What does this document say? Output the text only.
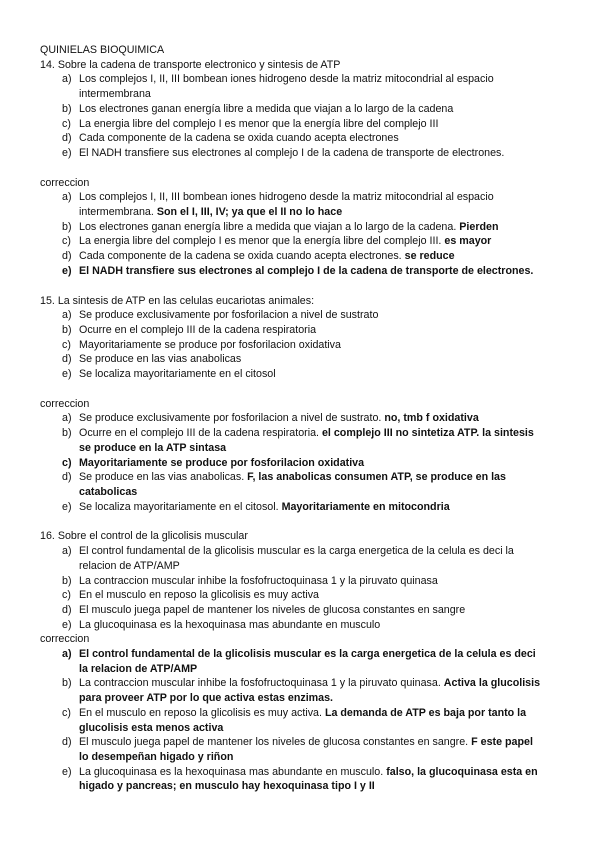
QUINIELAS BIOQUIMICA
14. Sobre la cadena de transporte electronico y sintesis de ATP
a) Los complejos I, II, III bombean iones hidrogeno desde la matriz mitocondrial al espacio intermembrana
b) Los electrones ganan energía libre a medida que viajan a lo largo de la cadena
c) La energia libre del complejo I es menor que la energía libre del complejo III
d) Cada componente de la cadena se oxida cuando acepta electrones
e) El NADH transfiere sus electrones al complejo I de la cadena de transporte de electrones.
correccion
a) Los complejos I, II, III bombean iones hidrogeno desde la matriz mitocondrial al espacio intermembrana. Son el I, III, IV; ya que el II no lo hace
b) Los electrones ganan energía libre a medida que viajan a lo largo de la cadena. Pierden
c) La energia libre del complejo I es menor que la energía libre del complejo III. es mayor
d) Cada componente de la cadena se oxida cuando acepta electrones. se reduce
e) El NADH transfiere sus electrones al complejo I de la cadena de transporte de electrones.
15. La sintesis de ATP en las celulas eucariotas animales:
a) Se produce exclusivamente por fosforilacion a nivel de sustrato
b) Ocurre en el complejo III de la cadena respiratoria
c) Mayoritariamente se produce por fosforilacion oxidativa
d) Se produce en las vias anabolicas
e) Se localiza mayoritariamente en el citosol
correccion
a) Se produce exclusivamente por fosforilacion a nivel de sustrato. no, tmb f oxidativa
b) Ocurre en el complejo III de la cadena respiratoria. el complejo III no sintetiza ATP. la sintesis se produce en la ATP sintasa
c) Mayoritariamente se produce por fosforilacion oxidativa
d) Se produce en las vias anabolicas. F, las anabolicas consumen ATP, se produce en las catabolicas
e) Se localiza mayoritariamente en el citosol. Mayoritariamente en mitocondria
16. Sobre el control de la glicolisis muscular
a) El control fundamental de la glicolisis muscular es la carga energetica de la celula es deci la relacion de ATP/AMP
b) La contraccion muscular inhibe la fosfofructoquinasa 1 y la piruvato quinasa
c) En el musculo en reposo la glicolisis es muy activa
d) El musculo juega papel de mantener los niveles de glucosa constantes en sangre
e) La glucoquinasa es la hexoquinasa mas abundante en musculo
correccion
a) El control fundamental de la glicolisis muscular es la carga energetica de la celula es deci la relacion de ATP/AMP
b) La contraccion muscular inhibe la fosfofructoquinasa 1 y la piruvato quinasa. Activa la glucolisis para proveer ATP por lo que activa estas enzimas.
c) En el musculo en reposo la glicolisis es muy activa. La demanda de ATP es baja por tanto la glucolisis esta menos activa
d) El musculo juega papel de mantener los niveles de glucosa constantes en sangre. F este papel lo desempeñan higado y riñon
e) La glucoquinasa es la hexoquinasa mas abundante en musculo. falso, la glucoquinasa esta en higado y pancreas; en musculo hay hexoquinasa tipo I y II
